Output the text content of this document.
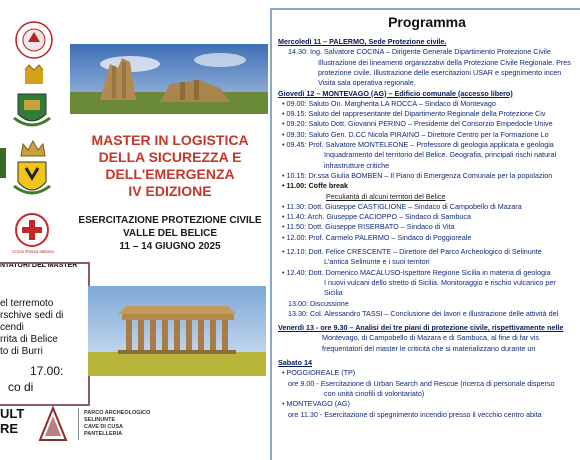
Croce Rossa Italiana
MASTER IN LOGISTICA
DELLA SICUREZZA E
DELL'EMERGENZA
IV EDIZIONE
ESERCITAZIONE PROTEZIONE CIVILE
VALLE DEL BELICE
11 – 14 GIUGNO 2025
NTATORI DEL MASTER
el terremoto
rschive sedi di
cendi
rrita di Belice
to di Burri
17.00:
co di
ULT
RE
PARCO ARCHEOLOGICO
SELINUNTE
CAVE DI CUSA
PANTELLERIA
Programma
Mercoledì 11 – PALERMO, Sede Protezione civile.
14.30: Ing. Salvatore COCINA – Dirigente Generale Dipartimento Protezione Civile
Illustrazione dei lineamenti organizzativi della Protezione Civile Regionale. Pres
protezione civile. Illustrazione delle esercitazioni USAR e spegnimento incen
Visita sala operativa regionale.
Giovedì 12 – MONTEVAGO (AG) – Edificio comunale (accesso libero)
• 09.00: Saluto On. Margherita LA ROCCA – Sindaco di Montevago
• 09.15: Saluto del rappresentante del Dipartimento Regionale della Protezione Civ
• 09.20: Saluto Dott. Giovanni PERINO – Presidente del Consorzio Empedocle Unive
• 09.30: Saluto Gen. D.CC Nicola PIRAINO – Direttore Centro per la Formazione Lo
• 09.45: Prof. Salvatore MONTELEONE – Professore di geologia applicata e geologia
Inquadramento del territorio del Belice. Geografia, principali rischi natural
infrastrutture critiche
• 10.15: Dr.ssa Giulia BOMBEN – Il Piano di Emergenza Comunale per la popolazion
• 11.00: Coffe break
Peculiarità di alcuni territori del Belice
• 11.30: Dott. Giuseppe CASTIGLIONE – Sindaco di Campobello di Mazara
• 11.40: Arch. Giuseppe CACIOPPO – Sindaco di Sambuca
• 11.50: Dott. Giuseppe RISERBATO – Sindaco di Vita
• 12.00: Prof. Carmelo PALERMO – Sindaco di Poggioreale
• 12.10: Dott. Felice CRESCENTE – Direttore del Parco Archeologico di Selinunte
L'antica Selinunte e i suoi territori
• 12.40: Dott. Domenico MACALUSO-Ispettore Regione Sicilia in materia di geologia
I nuovi vulcani dello stretto di Sicilia. Monitoraggio e rischio vulcanico per
Sicilia
13.00: Discussione
13.30: Col. Alessandro TASSI – Conclusione dei lavori e illustrazione delle attività del
Venerdì 13 - ore 9.30 – Analisi dei tre piani di protezione civile, rispettivamente nelle
Montevago, di Campobello di Mazara e di Sambuca, al fine di far vis
frequentatori del master le criticità che si materializzano durante un
Sabato 14
• POGGIOREALE (TP)
ore 9.00 - Esercitazione di Urban Search and Rescue (ricerca di personale disperso
con unità cinofili di volontariato)
• MONTEVAGO (AG)
ore 11.30 - Esercitazione di spegnimento incendio presso il vecchio centro abita
